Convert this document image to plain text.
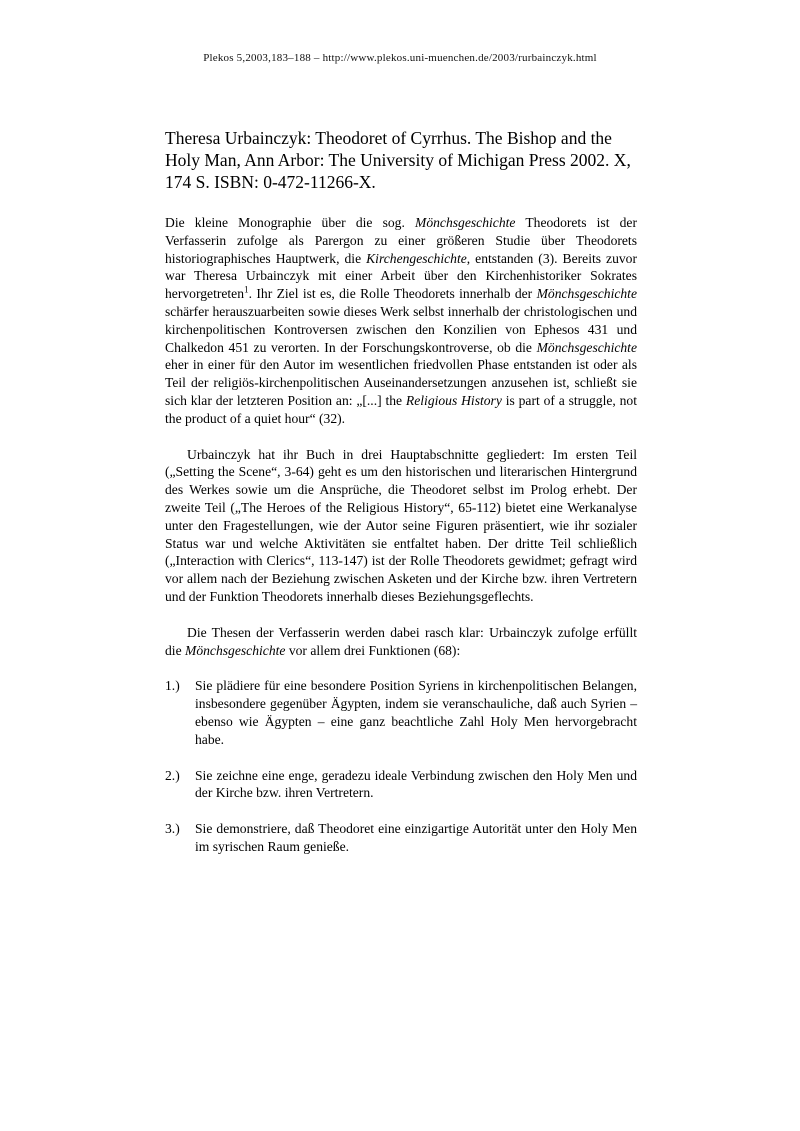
Plekos 5,2003,183–188 – http://www.plekos.uni-muenchen.de/2003/rurbainczyk.html
Theresa Urbainczyk: Theodoret of Cyrrhus. The Bishop and the Holy Man, Ann Arbor: The University of Michigan Press 2002. X, 174 S. ISBN: 0-472-11266-X.

Die kleine Monographie über die sog. Mönchsgeschichte Theodorets ist der Verfasserin zufolge als Parergon zu einer größeren Studie über Theodorets historiographisches Hauptwerk, die Kirchengeschichte, entstanden (3). Bereits zuvor war Theresa Urbainczyk mit einer Arbeit über den Kirchenhistoriker Sokrates hervorgetreten$^1$. Ihr Ziel ist es, die Rolle Theodorets innerhalb der Mönchsgeschichte schärfer herauszuarbeiten sowie dieses Werk selbst innerhalb der christologischen und kirchenpolitischen Kontroversen zwischen den Konzilien von Ephesos 431 und Chalkedon 451 zu verorten. In der Forschungskontroverse, ob die Mönchsgeschichte eher in einer für den Autor im wesentlichen friedvollen Phase entstanden ist oder als Teil der religiös-kirchenpolitischen Auseinandersetzungen anzusehen ist, schließt sie sich klar der letzteren Position an: „[...] the Religious History is part of a struggle, not the product of a quiet hour“ (32).

Urbainczyk hat ihr Buch in drei Hauptabschnitte gegliedert: Im ersten Teil („Setting the Scene“, 3-64) geht es um den historischen und literarischen Hintergrund des Werkes sowie um die Ansprüche, die Theodoret selbst im Prolog erhebt. Der zweite Teil („The Heroes of the Religious History“, 65-112) bietet eine Werkanalyse unter den Fragestellungen, wie der Autor seine Figuren präsentiert, wie ihr sozialer Status war und welche Aktivitäten sie entfaltet haben. Der dritte Teil schließlich („Interaction with Clerics“, 113-147) ist der Rolle Theodorets gewidmet; gefragt wird vor allem nach der Beziehung zwischen Asketen und der Kirche bzw. ihren Vertretern und der Funktion Theodorets innerhalb dieses Beziehungsgeflechts.

Die Thesen der Verfasserin werden dabei rasch klar: Urbainczyk zufolge erfüllt die Mönchsgeschichte vor allem drei Funktionen (68):

1.) Sie plädiere für eine besondere Position Syriens in kirchenpolitischen Belangen, insbesondere gegenüber Ägypten, indem sie veranschauliche, daß auch Syrien – ebenso wie Ägypten – eine ganz beachtliche Zahl Holy Men hervorgebracht habe.
2.) Sie zeichne eine enge, geradezu ideale Verbindung zwischen den Holy Men und der Kirche bzw. ihren Vertretern.
3.) Sie demonstriere, daß Theodoret eine einzigartige Autorität unter den Holy Men im syrischen Raum genieße.
